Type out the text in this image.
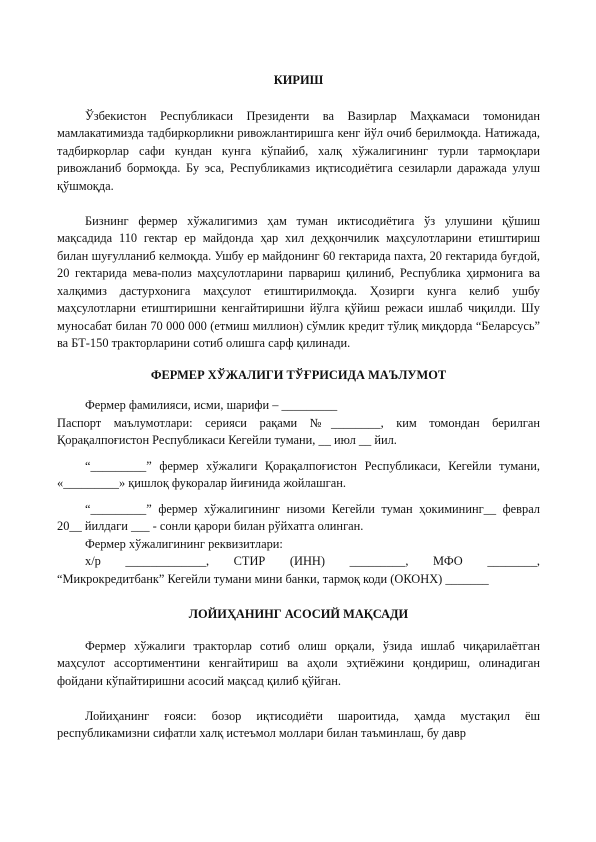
КИРИШ

Ўзбекистон Республикаси Президенти ва Вазирлар Маҳкамаси томонидан мамлакатимизда тадбиркорликни ривожлантиришга кенг йўл очиб берилмоқда. Натижада, тадбиркорлар сафи кундан кунга кўпайиб, халқ хўжалигининг турли тармоқлари ривожланиб бормоқда. Бу эса, Республикамиз иқтисодиётига сезиларли даражада улуш қўшмоқда.

Бизнинг фермер хўжалигимиз ҳам туман иктисодиётига ўз улушини қўшиш мақсадида 110 гектар ер майдонда ҳар хил деҳқончилик маҳсулотларини етиштириш билан шуғулланиб келмоқда. Ушбу ер майдонинг 60 гектарида пахта, 20 гектарида буғдой, 20 гектарида мева-полиз маҳсулотларини парвариш қилиниб, Республика ҳирмонига ва халқимиз дастурхонига маҳсулот етиштирилмоқда. Ҳозирги кунга келиб ушбу маҳсулотларни етиштиришни кенгайтиришни йўлга қўйиш режаси ишлаб чиқилди. Шу муносабат билан 70 000 000 (етмиш миллион) сўмлик кредит тўлиқ миқдорда “Беларсусь” ва БТ-150 тракторларини сотиб олишга сарф қилинади.

ФЕРМЕР ХЎЖАЛИГИ ТЎҒРИСИДА МАЪЛУМОТ

Фермер фамилияси, исми, шарифи – _________

Паспорт маълумотлари: серияси рақами №________, ким томондан берилган Қорақалпоғистон Республикаси Кегейли тумани, __ июл __ йил.

“_________” фермер хўжалиги Қорақалпоғистон Республикаси, Кегейли тумани, «_________» қишлоқ фукоралар йиғинида жойлашган.

“_________” фермер хўжалигининг низоми Кегейли туман ҳокимининг__ феврал 20__ йилдаги ___ - сонли қарори билан рўйхатга олинган.

Фермер хўжалигининг реквизитлари:

х/р _____________, СТИР (ИНН) _________, МФО ________,

“Микрокредитбанк” Кегейли тумани мини банки, тармоқ коди (ОКОНХ) _______

ЛОЙИҲАНИНГ АСОСИЙ МАҚСАДИ

Фермер хўжалиги тракторлар сотиб олиш орқали, ўзида ишлаб чиқарилаётган маҳсулот ассортиментини кенгайтириш ва аҳоли эҳтиёжини қондириш, олинадиган фойдани кўпайтиришни асосий мақсад қилиб қўйган.

Лойиҳанинг ғояси: бозор иқтисодиёти шароитида, ҳамда мустақил ёш республикамизни сифатли халқ истеъмол моллари билан таъминлаш, бу давр
